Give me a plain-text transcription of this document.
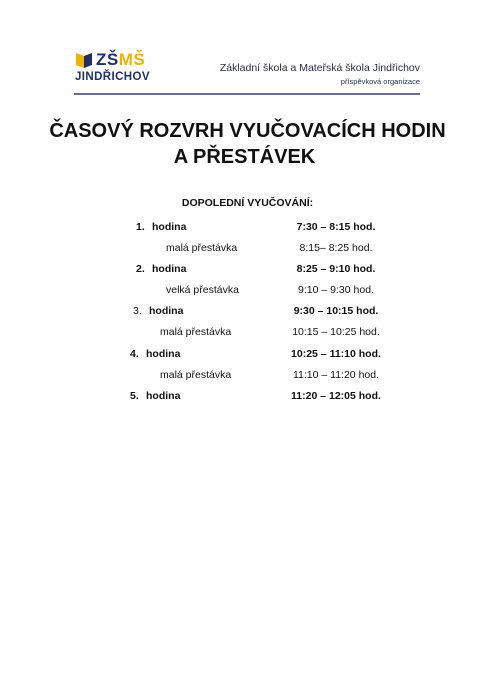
ZŠMŠ
JINDŘICHOV
Základní škola a Mateřská škola Jindřichov
příspěvková organizace
ČASOVÝ ROZVRH VYUČOVACÍCH HODIN
A PŘESTÁVEK
DOPOLEDNÍ VYUČOVÁNÍ:
1. hodina	7:30 – 8:15 hod.
malá přestávka	8:15– 8:25 hod.
2. hodina	8:25 – 9:10 hod.
velká přestávka	9:10 – 9:30 hod.
3. hodina	9:30 – 10:15 hod.
malá přestávka	10:15 – 10:25 hod.
4. hodina	10:25 – 11:10 hod.
malá přestávka	11:10 – 11:20 hod.
5. hodina	11:20 – 12:05 hod.
